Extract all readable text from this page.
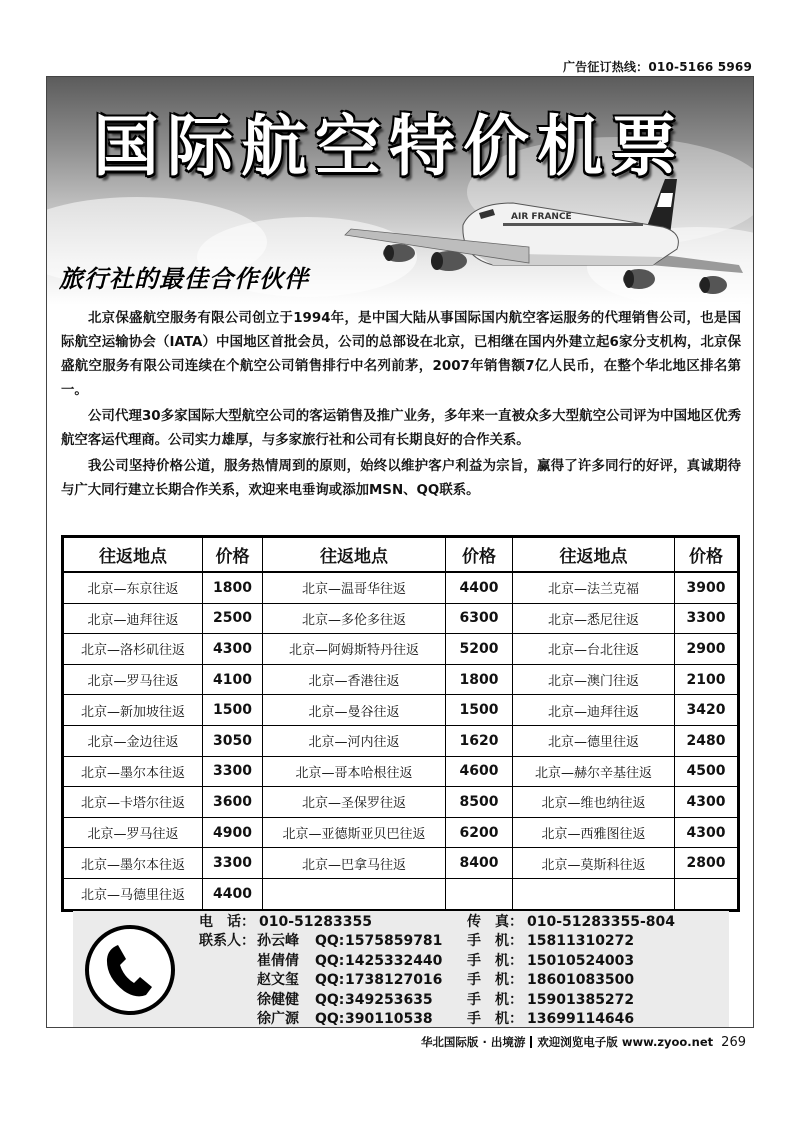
广告征订热线：010-5166 5969
国际航空特价机票
AIR FRANCE
旅行社的最佳合作伙伴

北京保盛航空服务有限公司创立于1994年，是中国大陆从事国际国内航空客运服务的代理销售公司，也是国际航空运输协会（IATA）中国地区首批会员，公司的总部设在北京，已相继在国内外建立起6家分支机构，北京保盛航空服务有限公司连续在个航空公司销售排行中名列前茅，2007年销售额7亿人民币，在整个华北地区排名第一。

公司代理30多家国际大型航空公司的客运销售及推广业务，多年来一直被众多大型航空公司评为中国地区优秀航空客运代理商。公司实力雄厚，与多家旅行社和公司有长期良好的合作关系。

我公司坚持价格公道，服务热情周到的原则，始终以维护客户利益为宗旨，赢得了许多同行的好评，真诚期待与广大同行建立长期合作关系，欢迎来电垂询或添加MSN、QQ联系。

往返地点	价格	往返地点	价格	往返地点	价格
北京—东京往返	1800	北京—温哥华往返	4400	北京—法兰克福	3900
北京—迪拜往返	2500	北京—多伦多往返	6300	北京—悉尼往返	3300
北京—洛杉矶往返	4300	北京—阿姆斯特丹往返	5200	北京—台北往返	2900
北京—罗马往返	4100	北京—香港往返	1800	北京—澳门往返	2100
北京—新加坡往返	1500	北京—曼谷往返	1500	北京—迪拜往返	3420
北京—金边往返	3050	北京—河内往返	1620	北京—德里往返	2480
北京—墨尔本往返	3300	北京—哥本哈根往返	4600	北京—赫尔辛基往返	4500
北京—卡塔尔往返	3600	北京—圣保罗往返	8500	北京—维也纳往返	4300
北京—罗马往返	4900	北京—亚德斯亚贝巴往返	6200	北京—西雅图往返	4300
北京—墨尔本往返	3300	北京—巴拿马往返	8400	北京—莫斯科往返	2800
北京—马德里往返	4400				
电　话： 010-51283355	传　真： 010-51283355-804
联系人： 孙云峰 QQ: 1575859781 手　机： 15811310272
崔倩倩 QQ: 1425332440 手　机： 15010524003
赵文玺 QQ: 1738127016 手　机： 18601083500
徐健健 QQ: 349253635 手　机： 15901385272
徐广源 QQ: 390110538 手　机： 13699114646
华北国际版 · 出境游 欢迎浏览电子版 www.zyoo.net 269
